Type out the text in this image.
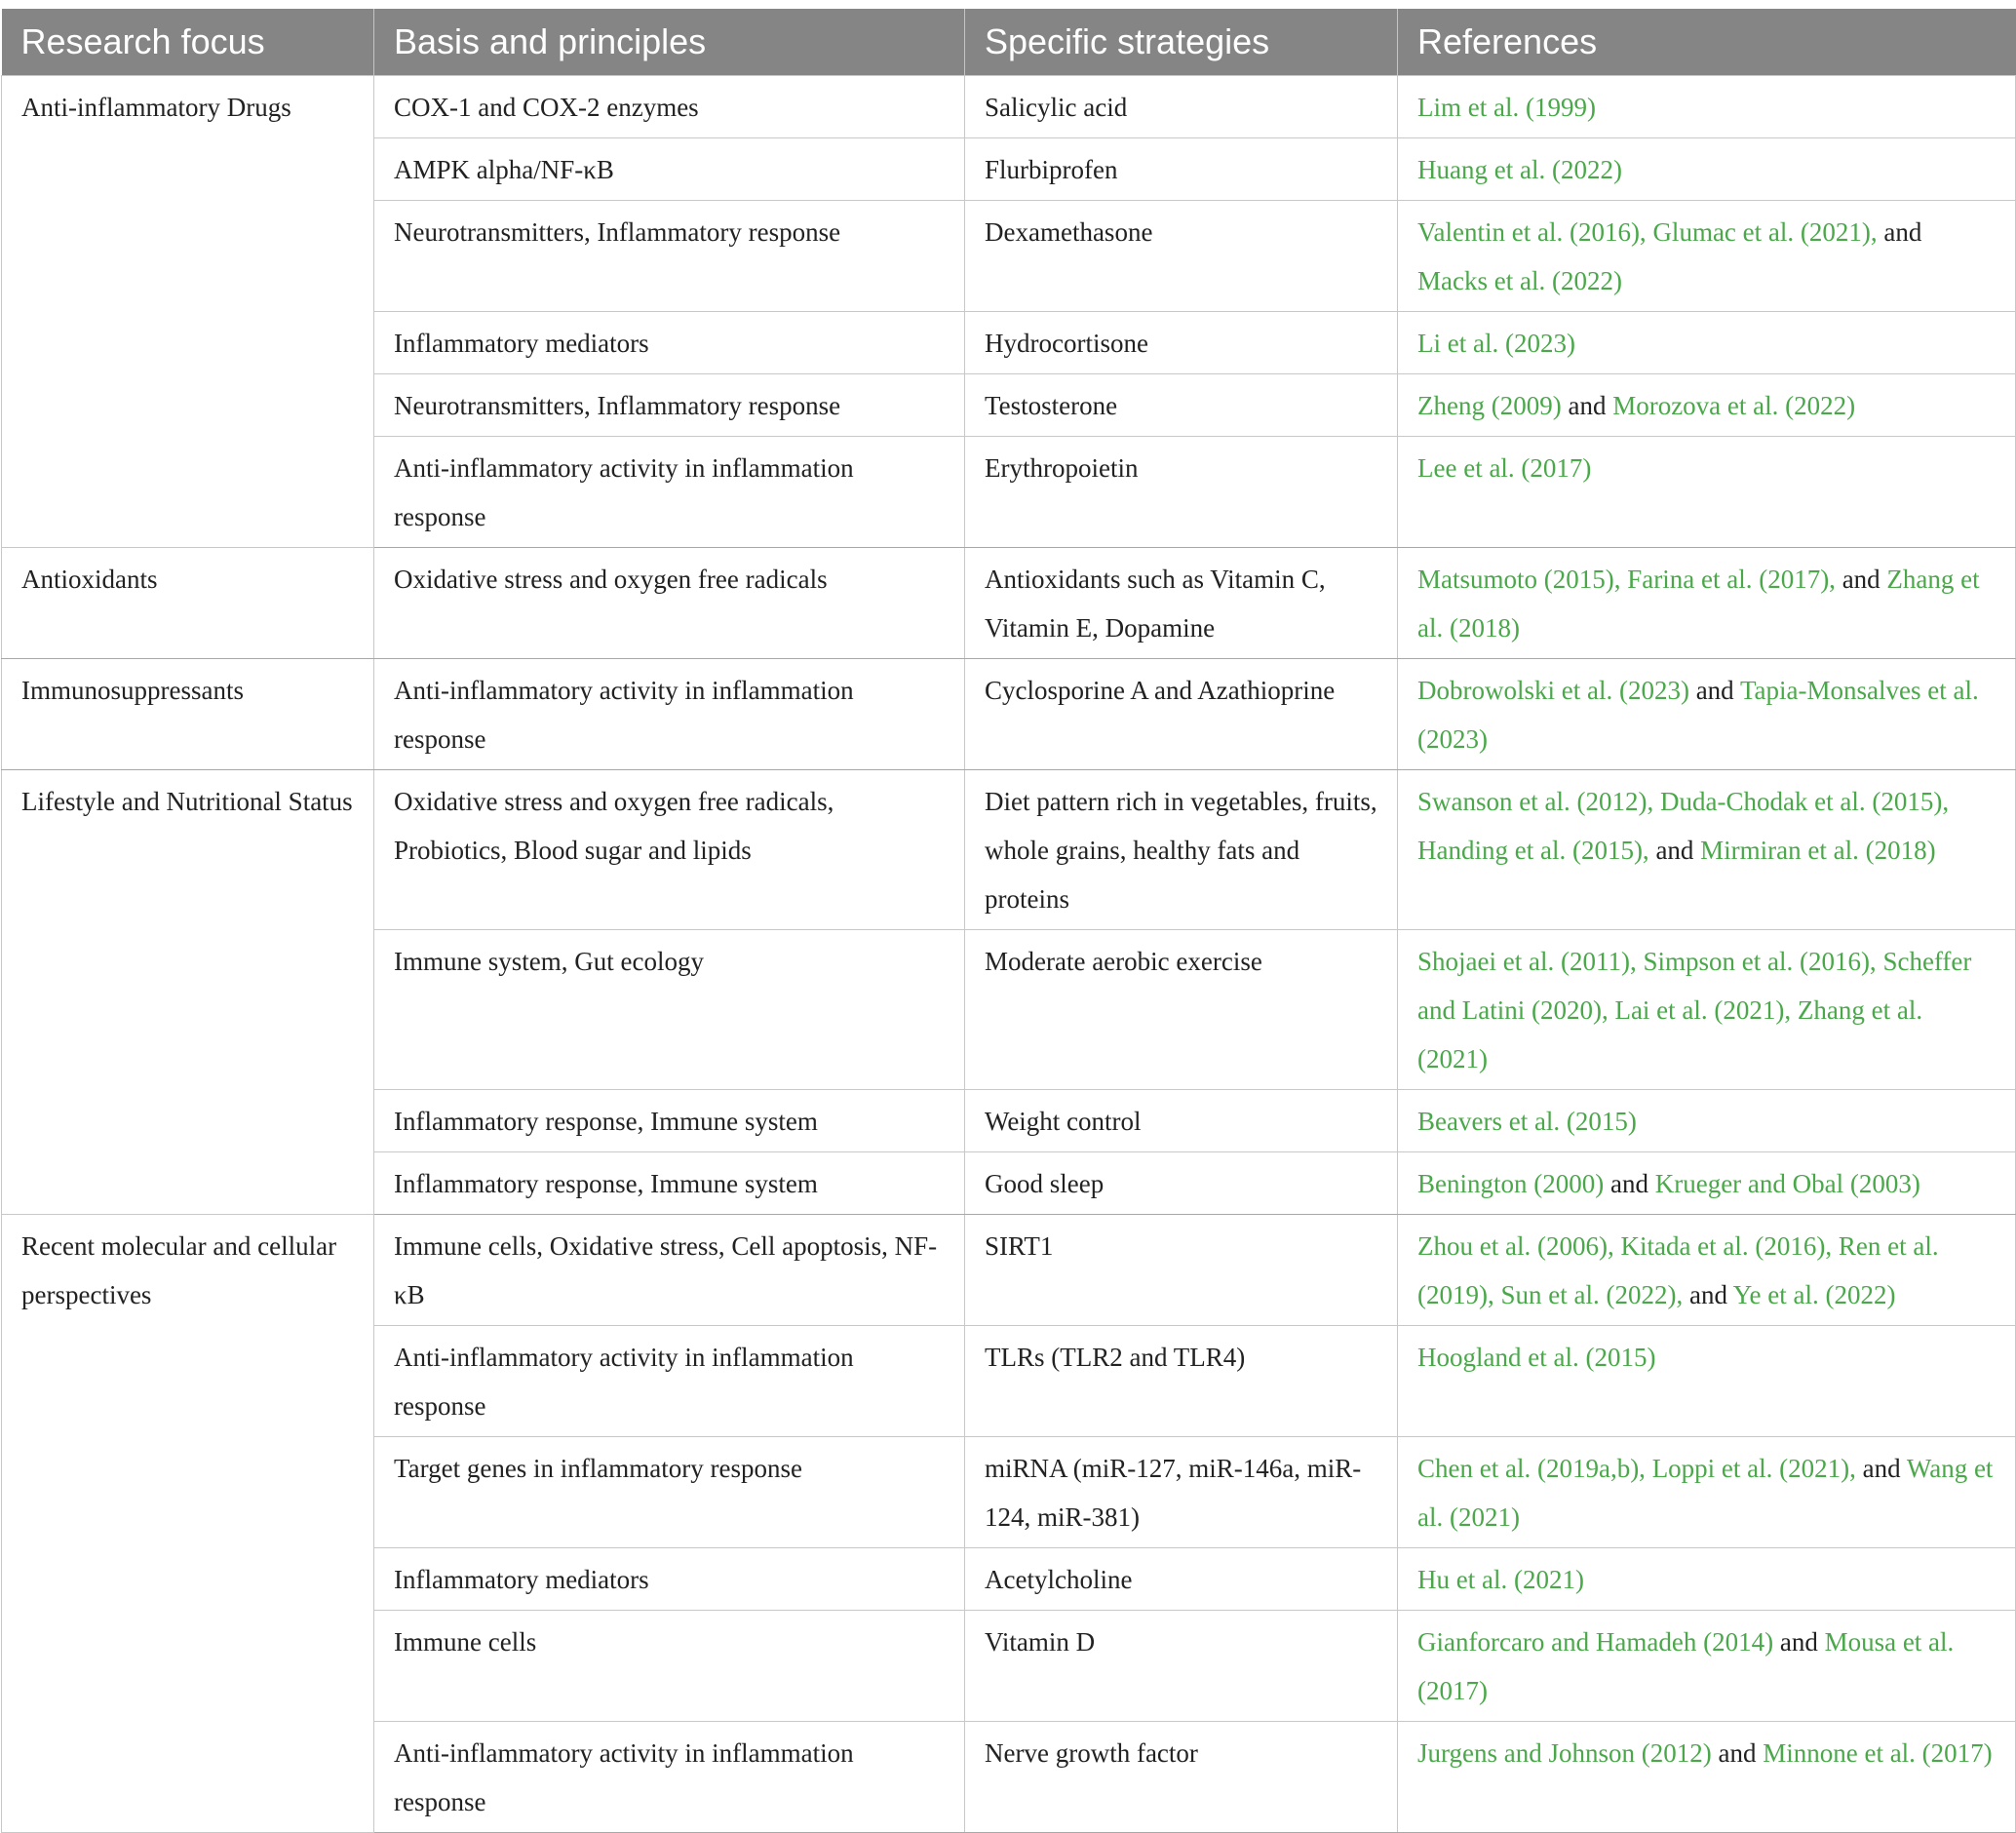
Research focus	Basis and principles	Specific strategies	References
Anti-inflammatory Drugs	COX-1 and COX-2 enzymes	Salicylic acid	Lim et al. (1999)
	AMPK alpha/NF-κB	Flurbiprofen	Huang et al. (2022)
	Neurotransmitters, Inflammatory response	Dexamethasone	Valentin et al. (2016), Glumac et al. (2021), and Macks et al. (2022)
	Inflammatory mediators	Hydrocortisone	Li et al. (2023)
	Neurotransmitters, Inflammatory response	Testosterone	Zheng (2009) and Morozova et al. (2022)
	Anti-inflammatory activity in inflammation response	Erythropoietin	Lee et al. (2017)
Antioxidants	Oxidative stress and oxygen free radicals	Antioxidants such as Vitamin C, Vitamin E, Dopamine	Matsumoto (2015), Farina et al. (2017), and Zhang et al. (2018)
Immunosuppressants	Anti-inflammatory activity in inflammation response	Cyclosporine A and Azathioprine	Dobrowolski et al. (2023) and Tapia-Monsalves et al. (2023)
Lifestyle and Nutritional Status	Oxidative stress and oxygen free radicals, Probiotics, Blood sugar and lipids	Diet pattern rich in vegetables, fruits, whole grains, healthy fats and proteins	Swanson et al. (2012), Duda-Chodak et al. (2015), Handing et al. (2015), and Mirmiran et al. (2018)
	Immune system, Gut ecology	Moderate aerobic exercise	Shojaei et al. (2011), Simpson et al. (2016), Scheffer and Latini (2020), Lai et al. (2021), Zhang et al. (2021)
	Inflammatory response, Immune system	Weight control	Beavers et al. (2015)
	Inflammatory response, Immune system	Good sleep	Benington (2000) and Krueger and Obal (2003)
Recent molecular and cellular perspectives	Immune cells, Oxidative stress, Cell apoptosis, NF-κB	SIRT1	Zhou et al. (2006), Kitada et al. (2016), Ren et al. (2019), Sun et al. (2022), and Ye et al. (2022)
	Anti-inflammatory activity in inflammation response	TLRs (TLR2 and TLR4)	Hoogland et al. (2015)
	Target genes in inflammatory response	miRNA (miR-127, miR-146a, miR-124, miR-381)	Chen et al. (2019a,b), Loppi et al. (2021), and Wang et al. (2021)
	Inflammatory mediators	Acetylcholine	Hu et al. (2021)
	Immune cells	Vitamin D	Gianforcaro and Hamadeh (2014) and Mousa et al. (2017)
	Anti-inflammatory activity in inflammation response	Nerve growth factor	Jurgens and Johnson (2012) and Minnone et al. (2017)
